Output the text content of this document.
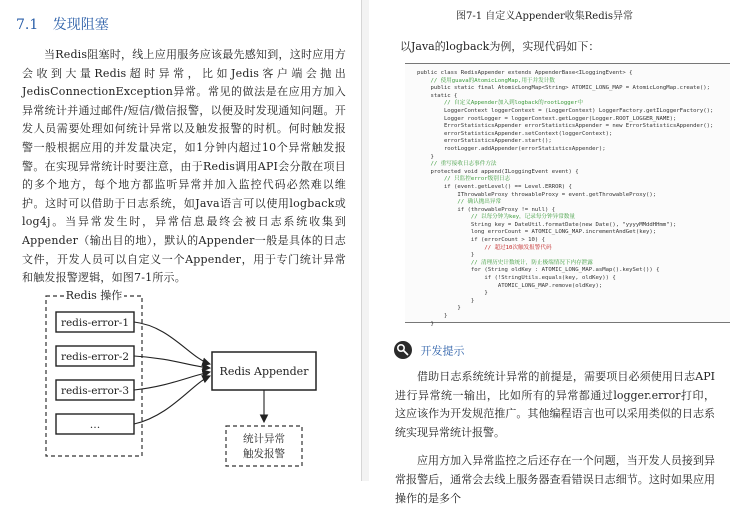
7.1 发现阻塞

当Redis阻塞时，线上应用服务应该最先感知到，这时应用方会收到大量Redis超时异常，比如Jedis客户端会抛出JedisConnectionException异常。常见的做法是在应用方加入异常统计并通过邮件/短信/微信报警，以便及时发现通知问题。开发人员需要处理如何统计异常以及触发报警的时机。何时触发报警一般根据应用的并发量决定，如1分钟内超过10个异常触发报警。在实现异常统计时要注意，由于Redis调用API会分散在项目的多个地方，每个地方都监听异常并加入监控代码必然难以维护。这时可以借助于日志系统，如Java语言可以使用logback或log4j。当异常发生时，异常信息最终会被日志系统收集到Appender（输出目的地），默认的Appender一般是具体的日志文件，开发人员可以自定义一个Appender，用于专门统计异常和触发报警逻辑，如图7-1所示。

Redis 操作
redis-error-1
redis-error-2
redis-error-3
…
Redis Appender
统计异常
触发报警
图7-1 自定义Appender收集Redis异常
以Java的logback为例，实现代码如下：
public class RedisAppender extends AppenderBase<ILoggingEvent> {
// 使用guava的AtomicLongMap,用于并发计数
public static final AtomicLongMap<String> ATOMIC_LONG_MAP = AtomicLongMap.create();
static {
// 自定义Appender加入到logback的rootLogger中
LoggerContext loggerContext = (LoggerContext) LoggerFactory.getILoggerFactory();
Logger rootLogger = loggerContext.getLogger(Logger.ROOT_LOGGER_NAME);
ErrorStatisticsAppender errorStatisticsAppender = new ErrorStatisticsAppender();
errorStatisticsAppender.setContext(loggerContext);
errorStatisticsAppender.start();
rootLogger.addAppender(errorStatisticsAppender);
}
// 重写接收日志事件方法
protected void append(ILoggingEvent event) {
// 只监控error级别日志
if (event.getLevel() == Level.ERROR) {
IThrowableProxy throwableProxy = event.getThrowableProxy();
// 确认抛出异常
if (throwableProxy != null) {
// 以每分钟为key，记录每分钟异常数量
String key = DateUtil.formatDate(new Date(), "yyyyMMddHHmm");
long errorCount = ATOMIC_LONG_MAP.incrementAndGet(key);
if (errorCount > 10) {
// 超过10次触发报警代码
}
// 清理历史计数统计，防止极端情况下内存泄露
for (String oldKey : ATOMIC_LONG_MAP.asMap().keySet()) {
if (!StringUtils.equals(key, oldKey)) {
ATOMIC_LONG_MAP.remove(oldKey);
}
}
}
}
}

开发提示

借助日志系统统计异常的前提是，需要项目必须使用日志API进行异常统一输出，比如所有的异常都通过logger.error打印，这应该作为开发规范推广。其他编程语言也可以采用类似的日志系统实现异常统计报警。

应用方加入异常监控之后还存在一个问题，当开发人员接到异常报警后，通常会去线上服务器查看错误日志细节。这时如果应用操作的是多个
